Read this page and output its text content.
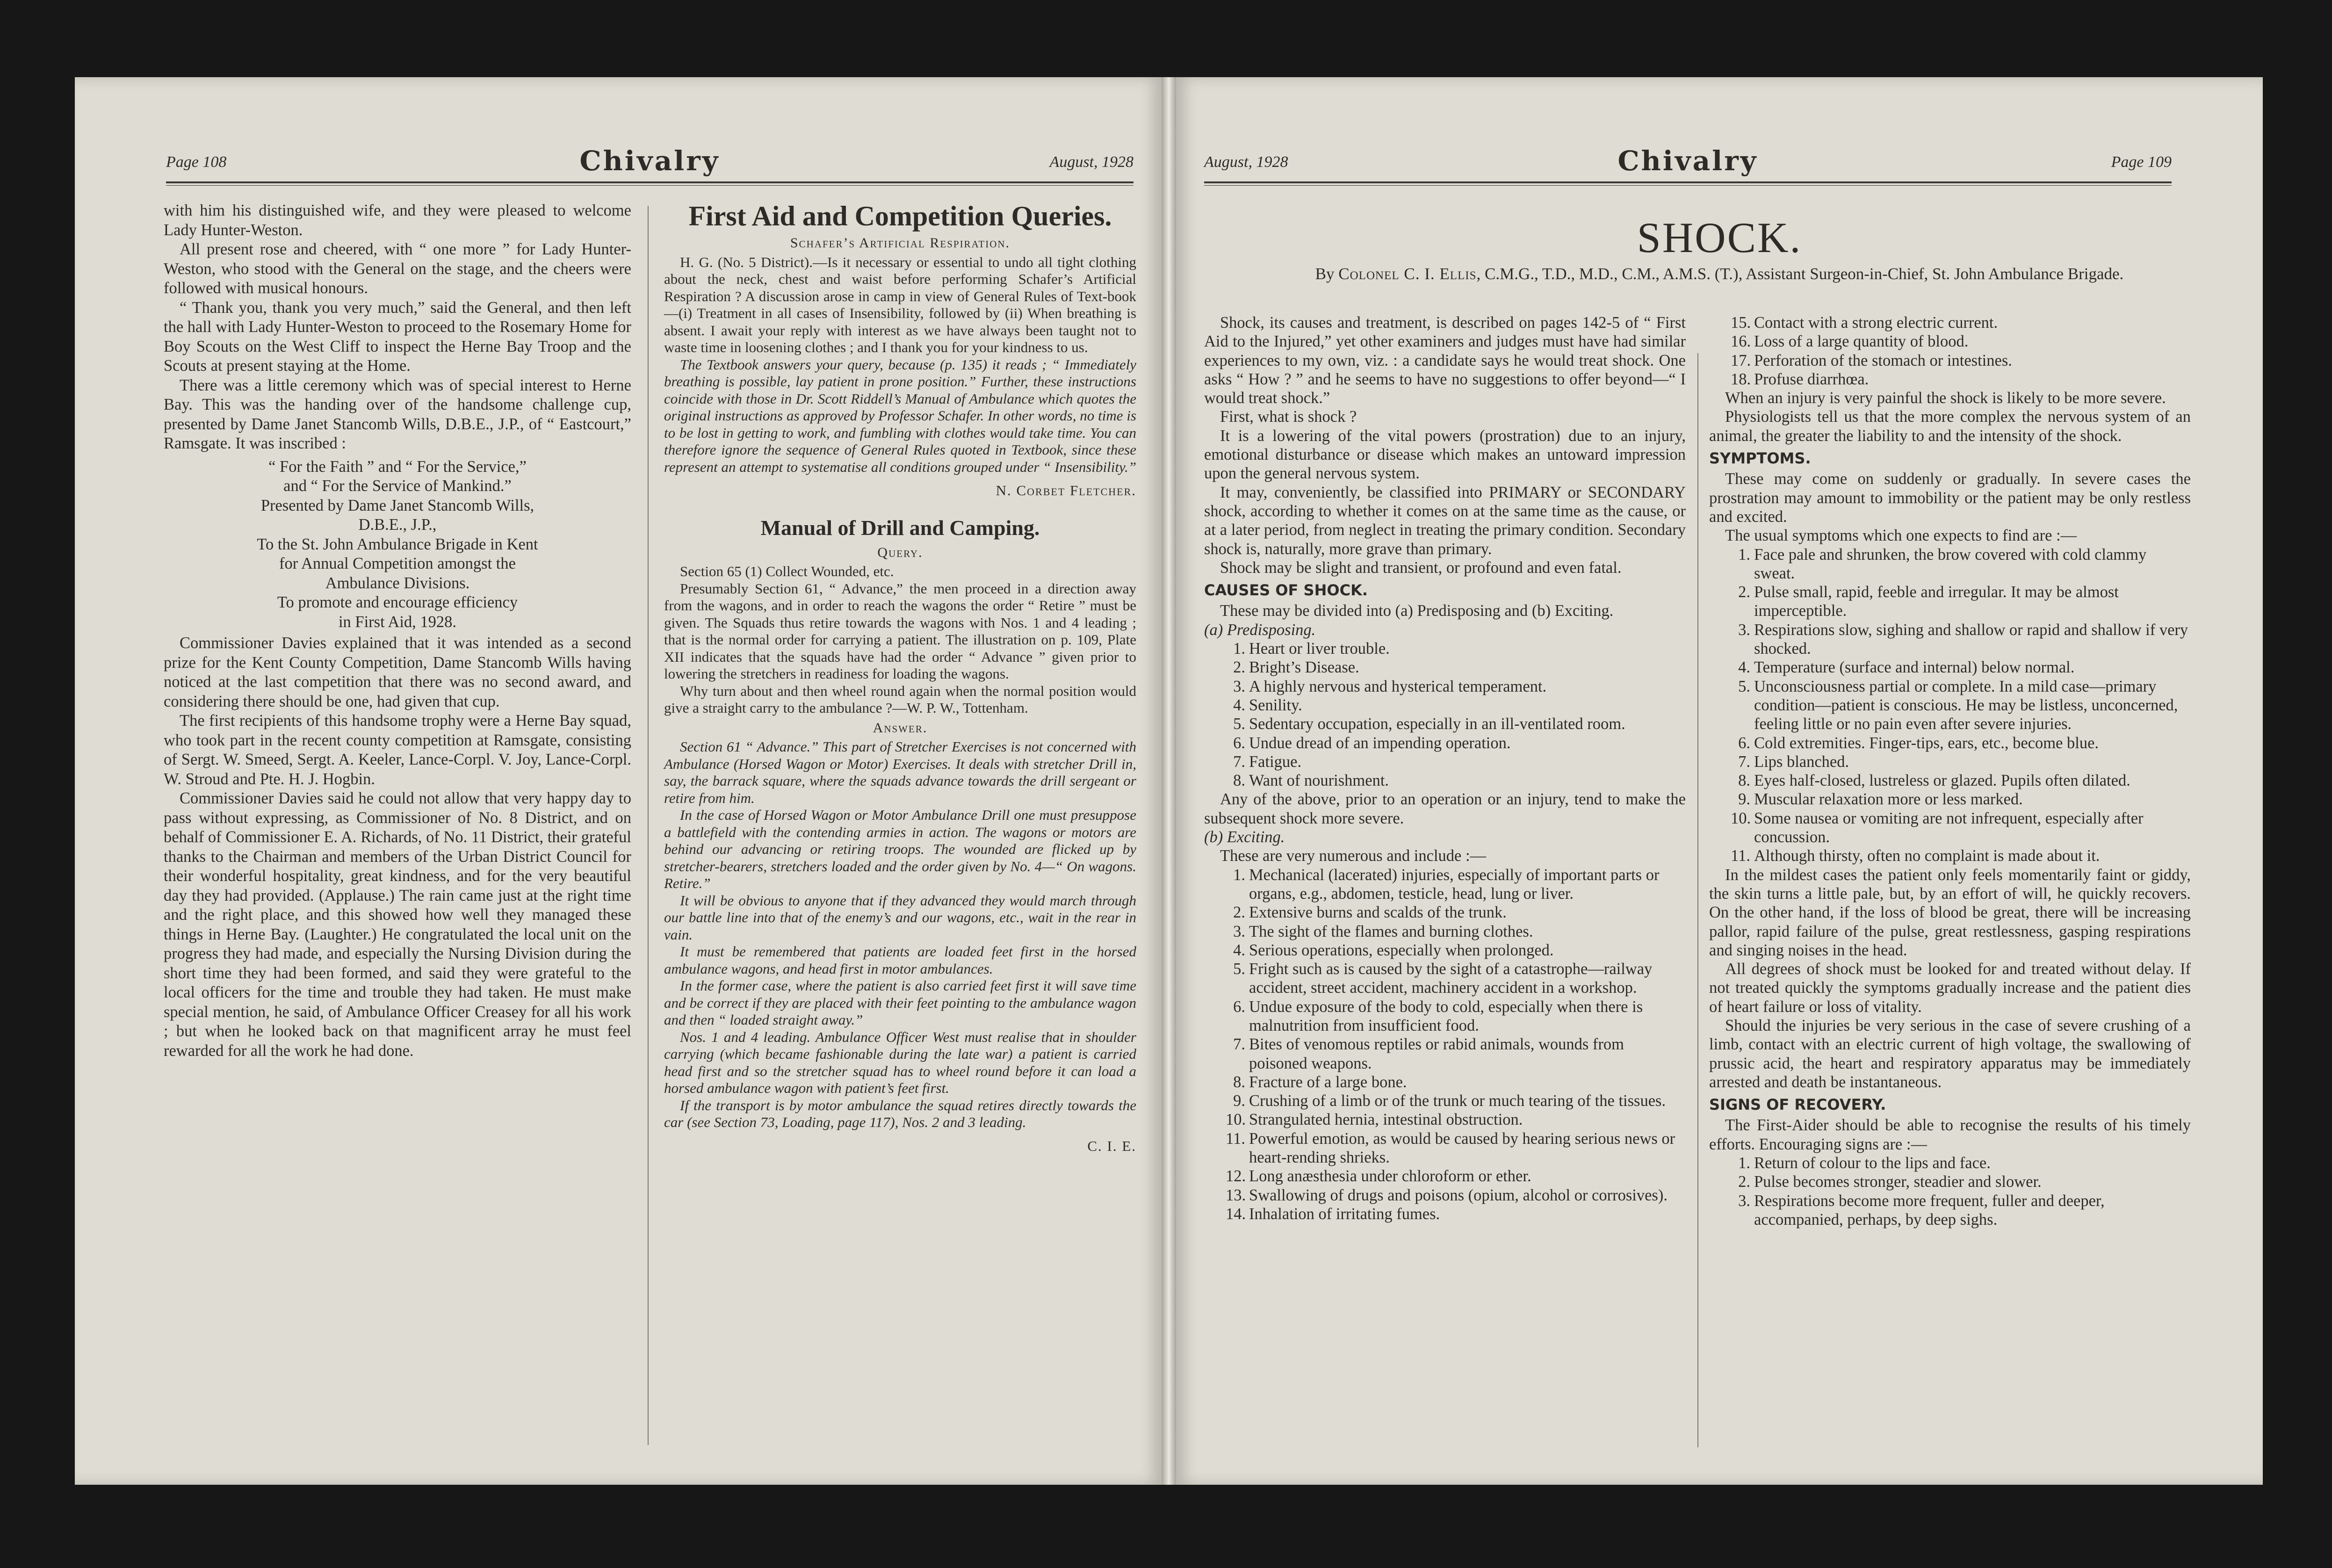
Page 108	Chivalry	August, 1928

with him his distinguished wife, and they were pleased to welcome Lady Hunter-Weston.

All present rose and cheered, with “ one more ” for Lady Hunter-Weston, who stood with the General on the stage, and the cheers were followed with musical honours.

“ Thank you, thank you very much,” said the General, and then left the hall with Lady Hunter-Weston to proceed to the Rosemary Home for Boy Scouts on the West Cliff to inspect the Herne Bay Troop and the Scouts at present staying at the Home.

There was a little ceremony which was of special interest to Herne Bay. This was the handing over of the handsome challenge cup, presented by Dame Janet Stancomb Wills, D.B.E., J.P., of “ Eastcourt,” Ramsgate. It was inscribed :

“ For the Faith ” and “ For the Service,”
and “ For the Service of Mankind.”
Presented by Dame Janet Stancomb Wills,
D.B.E., J.P.,
To the St. John Ambulance Brigade in Kent
for Annual Competition amongst the
Ambulance Divisions.
To promote and encourage efficiency
in First Aid, 1928.

Commissioner Davies explained that it was intended as a second prize for the Kent County Competition, Dame Stancomb Wills having noticed at the last competition that there was no second award, and considering there should be one, had given that cup.

The first recipients of this handsome trophy were a Herne Bay squad, who took part in the recent county competition at Ramsgate, consisting of Sergt. W. Smeed, Sergt. A. Keeler, Lance-Corpl. V. Joy, Lance-Corpl. W. Stroud and Pte. H. J. Hogbin.

Commissioner Davies said he could not allow that very happy day to pass without expressing, as Commissioner of No. 8 District, and on behalf of Commissioner E. A. Richards, of No. 11 District, their grateful thanks to the Chairman and members of the Urban District Council for their wonderful hospitality, great kindness, and for the very beautiful day they had provided. (Applause.) The rain came just at the right time and the right place, and this showed how well they managed these things in Herne Bay. (Laughter.) He congratulated the local unit on the progress they had made, and especially the Nursing Division during the short time they had been formed, and said they were grateful to the local officers for the time and trouble they had taken. He must make special mention, he said, of Ambulance Officer Creasey for all his work ; but when he looked back on that magnificent array he must feel rewarded for all the work he had done.

First Aid and Competition Queries.
Schafer’s Artificial Respiration.

H. G. (No. 5 District).—Is it necessary or essential to undo all tight clothing about the neck, chest and waist before performing Schafer’s Artificial Respiration ? A discussion arose in camp in view of General Rules of Text-book—(i) Treatment in all cases of Insensibility, followed by (ii) When breathing is absent. I await your reply with interest as we have always been taught not to waste time in loosening clothes ; and I thank you for your kindness to us.

The Textbook answers your query, because (p. 135) it reads ; “ Immediately breathing is possible, lay patient in prone position.” Further, these instructions coincide with those in Dr. Scott Riddell’s Manual of Ambulance which quotes the original instructions as approved by Professor Schafer. In other words, no time is to be lost in getting to work, and fumbling with clothes would take time. You can therefore ignore the sequence of General Rules quoted in Textbook, since these represent an attempt to systematise all conditions grouped under “ Insensibility.”

N. Corbet Fletcher.
Manual of Drill and Camping.
Query.

Section 65 (1) Collect Wounded, etc.

Presumably Section 61, “ Advance,” the men proceed in a direction away from the wagons, and in order to reach the wagons the order “ Retire ” must be given. The Squads thus retire towards the wagons with Nos. 1 and 4 leading ; that is the normal order for carrying a patient. The illustration on p. 109, Plate XII indicates that the squads have had the order “ Advance ” given prior to lowering the stretchers in readiness for loading the wagons.

Why turn about and then wheel round again when the normal position would give a straight carry to the ambulance ?—W. P. W., Tottenham.

Answer.

Section 61 “ Advance.” This part of Stretcher Exercises is not concerned with Ambulance (Horsed Wagon or Motor) Exercises. It deals with stretcher Drill in, say, the barrack square, where the squads advance towards the drill sergeant or retire from him.

In the case of Horsed Wagon or Motor Ambulance Drill one must presuppose a battlefield with the contending armies in action. The wagons or motors are behind our advancing or retiring troops. The wounded are flicked up by stretcher-bearers, stretchers loaded and the order given by No. 4—“ On wagons. Retire.”

It will be obvious to anyone that if they advanced they would march through our battle line into that of the enemy’s and our wagons, etc., wait in the rear in vain.

It must be remembered that patients are loaded feet first in the horsed ambulance wagons, and head first in motor ambulances.

In the former case, where the patient is also carried feet first it will save time and be correct if they are placed with their feet pointing to the ambulance wagon and then “ loaded straight away.”

Nos. 1 and 4 leading. Ambulance Officer West must realise that in shoulder carrying (which became fashionable during the late war) a patient is carried head first and so the stretcher squad has to wheel round before it can load a horsed ambulance wagon with patient’s feet first.

If the transport is by motor ambulance the squad retires directly towards the car (see Section 73, Loading, page 117), Nos. 2 and 3 leading.

C. I. E.
August, 1928	Chivalry	Page 109
SHOCK.
By Colonel C. I. Ellis, C.M.G., T.D., M.D., C.M., A.M.S. (T.), Assistant Surgeon-in-Chief, St. John Ambulance Brigade.

Shock, its causes and treatment, is described on pages 142-5 of “ First Aid to the Injured,” yet other examiners and judges must have had similar experiences to my own, viz. : a candidate says he would treat shock. One asks “ How ? ” and he seems to have no suggestions to offer beyond—“ I would treat shock.”

First, what is shock ?

It is a lowering of the vital powers (prostration) due to an injury, emotional disturbance or disease which makes an untoward impression upon the general nervous system.

It may, conveniently, be classified into PRIMARY or SECONDARY shock, according to whether it comes on at the same time as the cause, or at a later period, from neglect in treating the primary condition. Secondary shock is, naturally, more grave than primary.

Shock may be slight and transient, or profound and even fatal.

CAUSES OF SHOCK.

These may be divided into (a) Predisposing and (b) Exciting.

(a) Predisposing.

1. Heart or liver trouble.
2. Bright’s Disease.
3. A highly nervous and hysterical temperament.
4. Senility.
5. Sedentary occupation, especially in an ill-ventilated room.
6. Undue dread of an impending operation.
7. Fatigue.
8. Want of nourishment.

Any of the above, prior to an operation or an injury, tend to make the subsequent shock more severe.

(b) Exciting.

These are very numerous and include :—

1. Mechanical (lacerated) injuries, especially of important parts or organs, e.g., abdomen, testicle, head, lung or liver.
2. Extensive burns and scalds of the trunk.
3. The sight of the flames and burning clothes.
4. Serious operations, especially when prolonged.
5. Fright such as is caused by the sight of a catastrophe—railway accident, street accident, machinery accident in a workshop.
6. Undue exposure of the body to cold, especially when there is malnutrition from insufficient food.
7. Bites of venomous reptiles or rabid animals, wounds from poisoned weapons.
8. Fracture of a large bone.
9. Crushing of a limb or of the trunk or much tearing of the tissues.
10. Strangulated hernia, intestinal obstruction.
11. Powerful emotion, as would be caused by hearing serious news or heart-rending shrieks.
12. Long anæsthesia under chloroform or ether.
13. Swallowing of drugs and poisons (opium, alcohol or corrosives).
14. Inhalation of irritating fumes.
15. Contact with a strong electric current.
16. Loss of a large quantity of blood.
17. Perforation of the stomach or intestines.
18. Profuse diarrhœa.

When an injury is very painful the shock is likely to be more severe.

Physiologists tell us that the more complex the nervous system of an animal, the greater the liability to and the intensity of the shock.

SYMPTOMS.

These may come on suddenly or gradually. In severe cases the prostration may amount to immobility or the patient may be only restless and excited.

The usual symptoms which one expects to find are :—

1. Face pale and shrunken, the brow covered with cold clammy sweat.
2. Pulse small, rapid, feeble and irregular. It may be almost imperceptible.
3. Respirations slow, sighing and shallow or rapid and shallow if very shocked.
4. Temperature (surface and internal) below normal.
5. Unconsciousness partial or complete. In a mild case—primary condition—patient is conscious. He may be listless, unconcerned, feeling little or no pain even after severe injuries.
6. Cold extremities. Finger-tips, ears, etc., become blue.
7. Lips blanched.
8. Eyes half-closed, lustreless or glazed. Pupils often dilated.
9. Muscular relaxation more or less marked.
10. Some nausea or vomiting are not infrequent, especially after concussion.
11. Although thirsty, often no complaint is made about it.

In the mildest cases the patient only feels momentarily faint or giddy, the skin turns a little pale, but, by an effort of will, he quickly recovers. On the other hand, if the loss of blood be great, there will be increasing pallor, rapid failure of the pulse, great restlessness, gasping respirations and singing noises in the head.

All degrees of shock must be looked for and treated without delay. If not treated quickly the symptoms gradually increase and the patient dies of heart failure or loss of vitality.

Should the injuries be very serious in the case of severe crushing of a limb, contact with an electric current of high voltage, the swallowing of prussic acid, the heart and respiratory apparatus may be immediately arrested and death be instantaneous.

SIGNS OF RECOVERY.

The First-Aider should be able to recognise the results of his timely efforts. Encouraging signs are :—

1. Return of colour to the lips and face.
2. Pulse becomes stronger, steadier and slower.
3. Respirations become more frequent, fuller and deeper, accompanied, perhaps, by deep sighs.
